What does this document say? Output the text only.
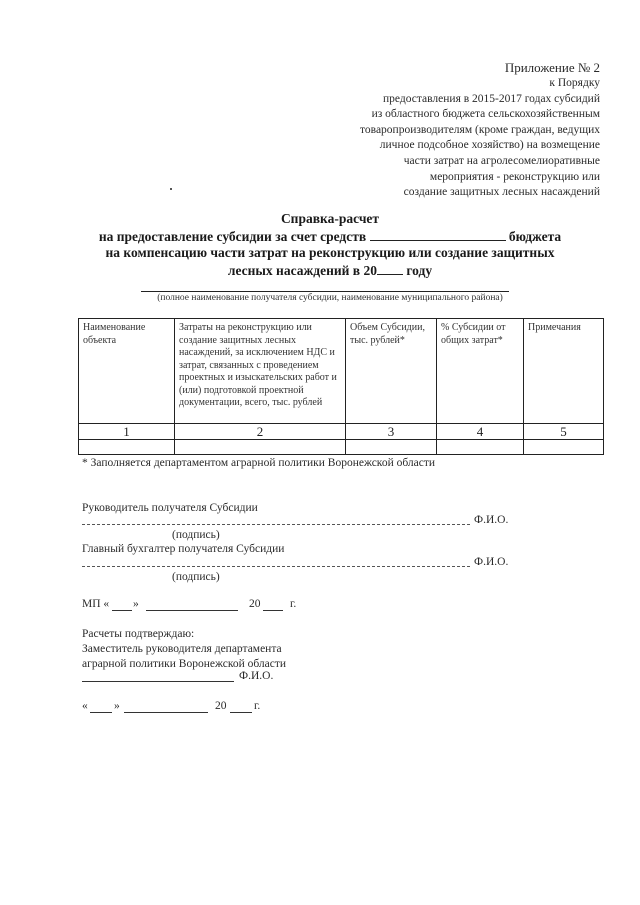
Приложение № 2
к Порядку
предоставления в 2015-2017 годах субсидий
из областного бюджета сельскохозяйственным
товаропроизводителям (кроме граждан, ведущих
личное подсобное хозяйство) на возмещение
части затрат на агролесомелиоративные
мероприятия - реконструкцию или
создание защитных лесных насаждений
Справка-расчет
на предоставление субсидии за счет средств	бюджета
на компенсацию части затрат на реконструкцию или создание защитных
лесных насаждений в 20 году
(полное наименование получателя субсидии, наименование муниципального района)
Наименование объекта	Затраты на реконструкцию или создание защитных лесных насаждений, за исключением НДС и затрат, связанных с проведением проектных и изыскательских работ и (или) подготовкой проектной документации, всего, тыс. рублей	Объем Субсидии, тыс. рублей*	% Субсидии от общих затрат*	Примечания
1	2	3	4	5

* Заполняется департаментом аграрной политики Воронежской области
Руководитель получателя Субсидии
Ф.И.О.
(подпись)
Главный бухгалтер получателя Субсидии
Ф.И.О.
(подпись)
МП « »	20	г.
Расчеты подтверждаю:
Заместитель руководителя департамента
аграрной политики Воронежской области
Ф.И.О.
« »	20 г.
